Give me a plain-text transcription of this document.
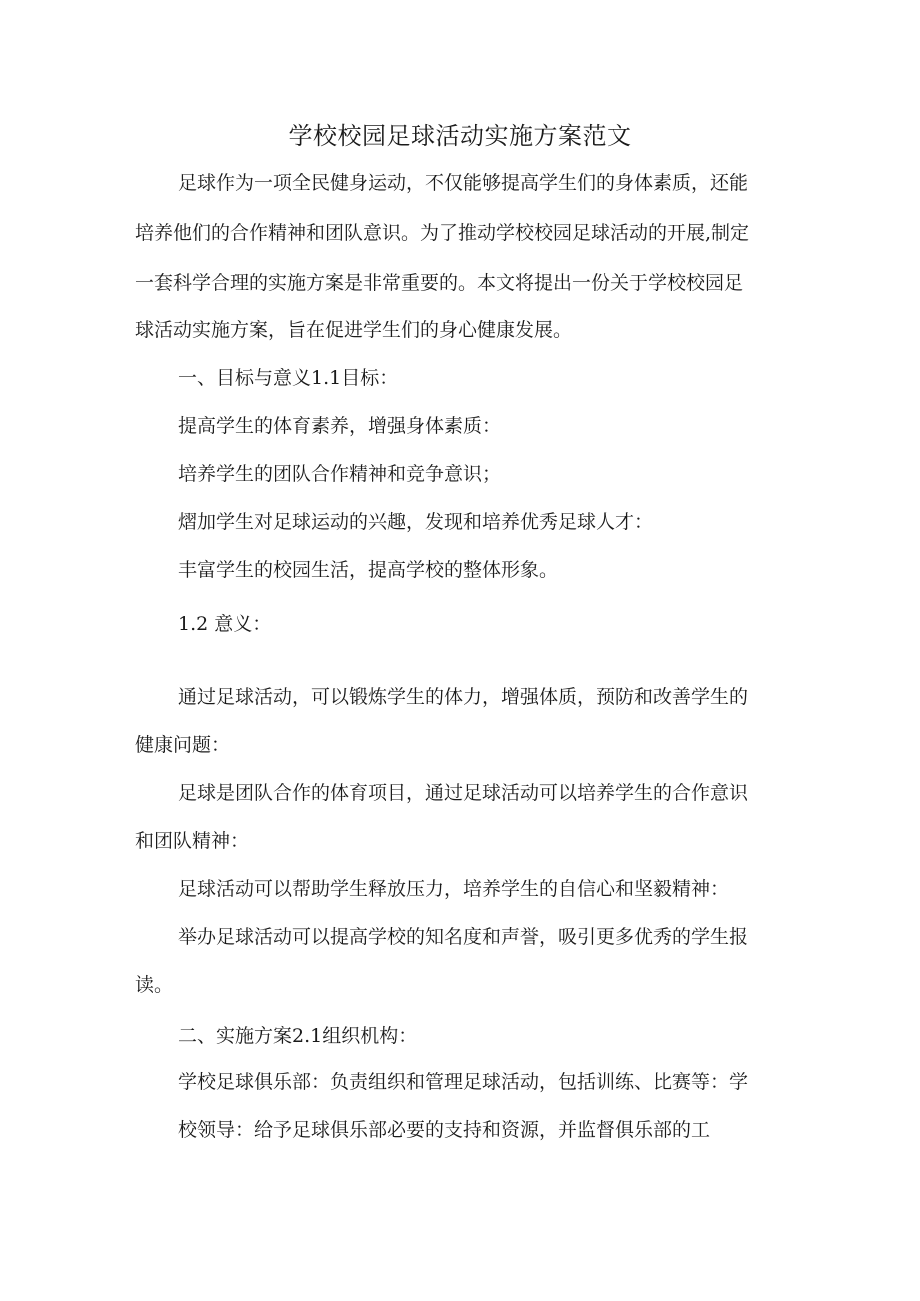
学校校园足球活动实施方案范文
足球作为一项全民健身运动，不仅能够提高学生们的身体素质，还能
培养他们的合作精神和团队意识。为了推动学校校园足球活动的开展,制定
一套科学合理的实施方案是非常重要的。本文将提出一份关于学校校园足
球活动实施方案，旨在促进学生们的身心健康发展。
一、目标与意义1.1目标：
提高学生的体育素养，增强身体素质：
培养学生的团队合作精神和竞争意识；
熠加学生对足球运动的兴趣，发现和培养优秀足球人才：
丰富学生的校园生活，提高学校的整体形象。
1.2 意义：
通过足球活动，可以锻炼学生的体力，增强体质，预防和改善学生的
健康问题：
足球是团队合作的体育项目，通过足球活动可以培养学生的合作意识
和团队精神：
足球活动可以帮助学生释放压力，培养学生的自信心和坚毅精神：
举办足球活动可以提高学校的知名度和声誉，吸引更多优秀的学生报
读。
二、实施方案2.1组织机构：
学校足球俱乐部：负责组织和管理足球活动，包括训练、比赛等：学
校领导：给予足球俱乐部必要的支持和资源，并监督俱乐部的工
